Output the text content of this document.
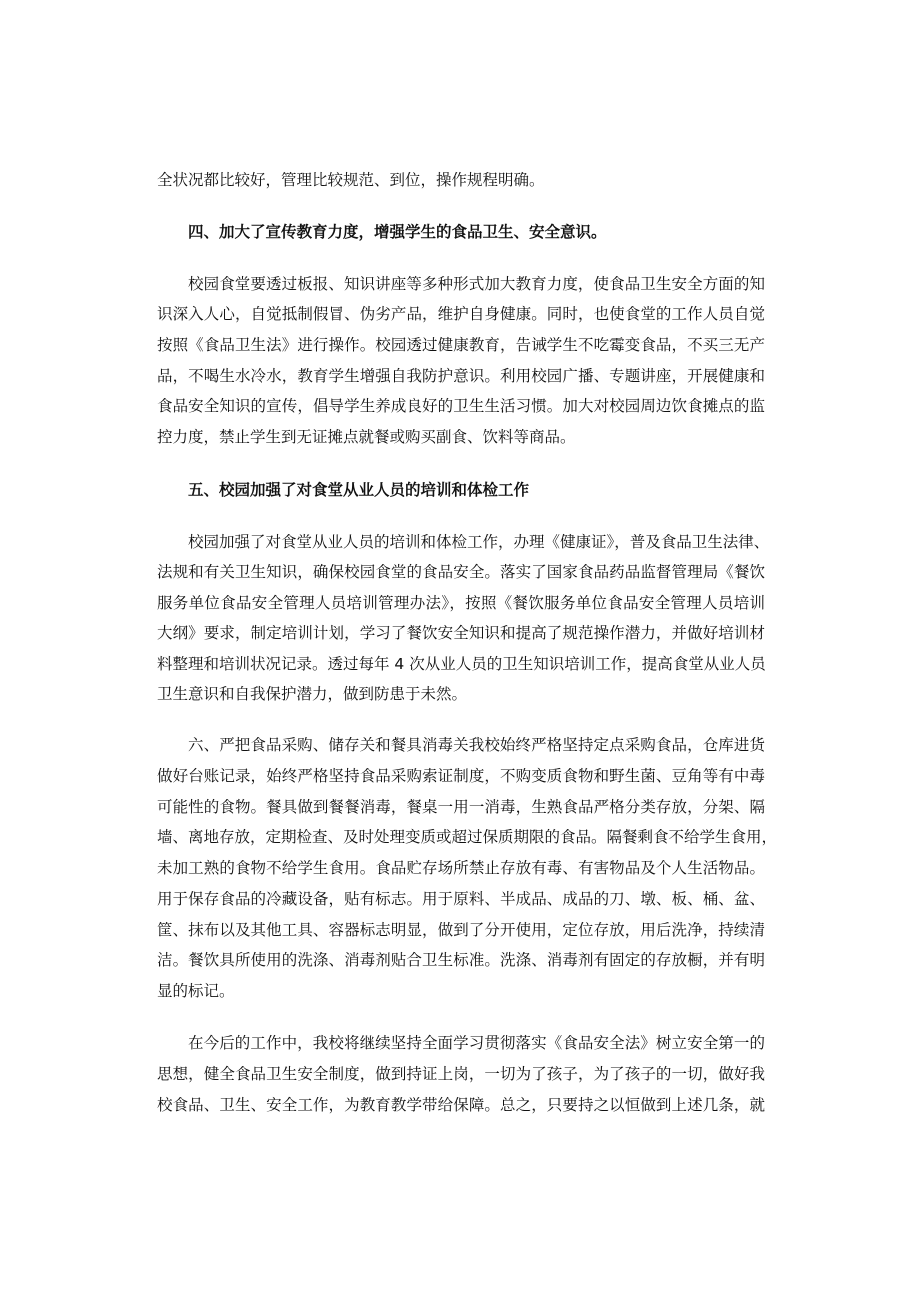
全状况都比较好，管理比较规范、到位，操作规程明确。
四、加大了宣传教育力度，增强学生的食品卫生、安全意识。
校园食堂要透过板报、知识讲座等多种形式加大教育力度，使食品卫生安全方面的知
识深入人心，自觉抵制假冒、伪劣产品，维护自身健康。同时，也使食堂的工作人员自觉
按照《食品卫生法》进行操作。校园透过健康教育，告诫学生不吃霉变食品，不买三无产
品，不喝生水冷水，教育学生增强自我防护意识。利用校园广播、专题讲座，开展健康和
食品安全知识的宣传，倡导学生养成良好的卫生生活习惯。加大对校园周边饮食摊点的监
控力度，禁止学生到无证摊点就餐或购买副食、饮料等商品。
五、校园加强了对食堂从业人员的培训和体检工作
校园加强了对食堂从业人员的培训和体检工作，办理《健康证》，普及食品卫生法律、
法规和有关卫生知识，确保校园食堂的食品安全。落实了国家食品药品监督管理局《餐饮
服务单位食品安全管理人员培训管理办法》，按照《餐饮服务单位食品安全管理人员培训
大纲》要求，制定培训计划，学习了餐饮安全知识和提高了规范操作潜力，并做好培训材
料整理和培训状况记录。透过每年 4 次从业人员的卫生知识培训工作，提高食堂从业人员
卫生意识和自我保护潜力，做到防患于未然。
六、严把食品采购、储存关和餐具消毒关我校始终严格坚持定点采购食品，仓库进货
做好台账记录，始终严格坚持食品采购索证制度，不购变质食物和野生菌、豆角等有中毒
可能性的食物。餐具做到餐餐消毒，餐桌一用一消毒，生熟食品严格分类存放，分架、隔
墙、离地存放，定期检查、及时处理变质或超过保质期限的食品。隔餐剩食不给学生食用，
未加工熟的食物不给学生食用。食品贮存场所禁止存放有毒、有害物品及个人生活物品。
用于保存食品的冷藏设备，贴有标志。用于原料、半成品、成品的刀、墩、板、桶、盆、
筐、抹布以及其他工具、容器标志明显，做到了分开使用，定位存放，用后洗净，持续清
洁。餐饮具所使用的洗涤、消毒剂贴合卫生标准。洗涤、消毒剂有固定的存放橱，并有明
显的标记。
在今后的工作中，我校将继续坚持全面学习贯彻落实《食品安全法》树立安全第一的
思想，健全食品卫生安全制度，做到持证上岗，一切为了孩子，为了孩子的一切，做好我
校食品、卫生、安全工作，为教育教学带给保障。总之，只要持之以恒做到上述几条，就
